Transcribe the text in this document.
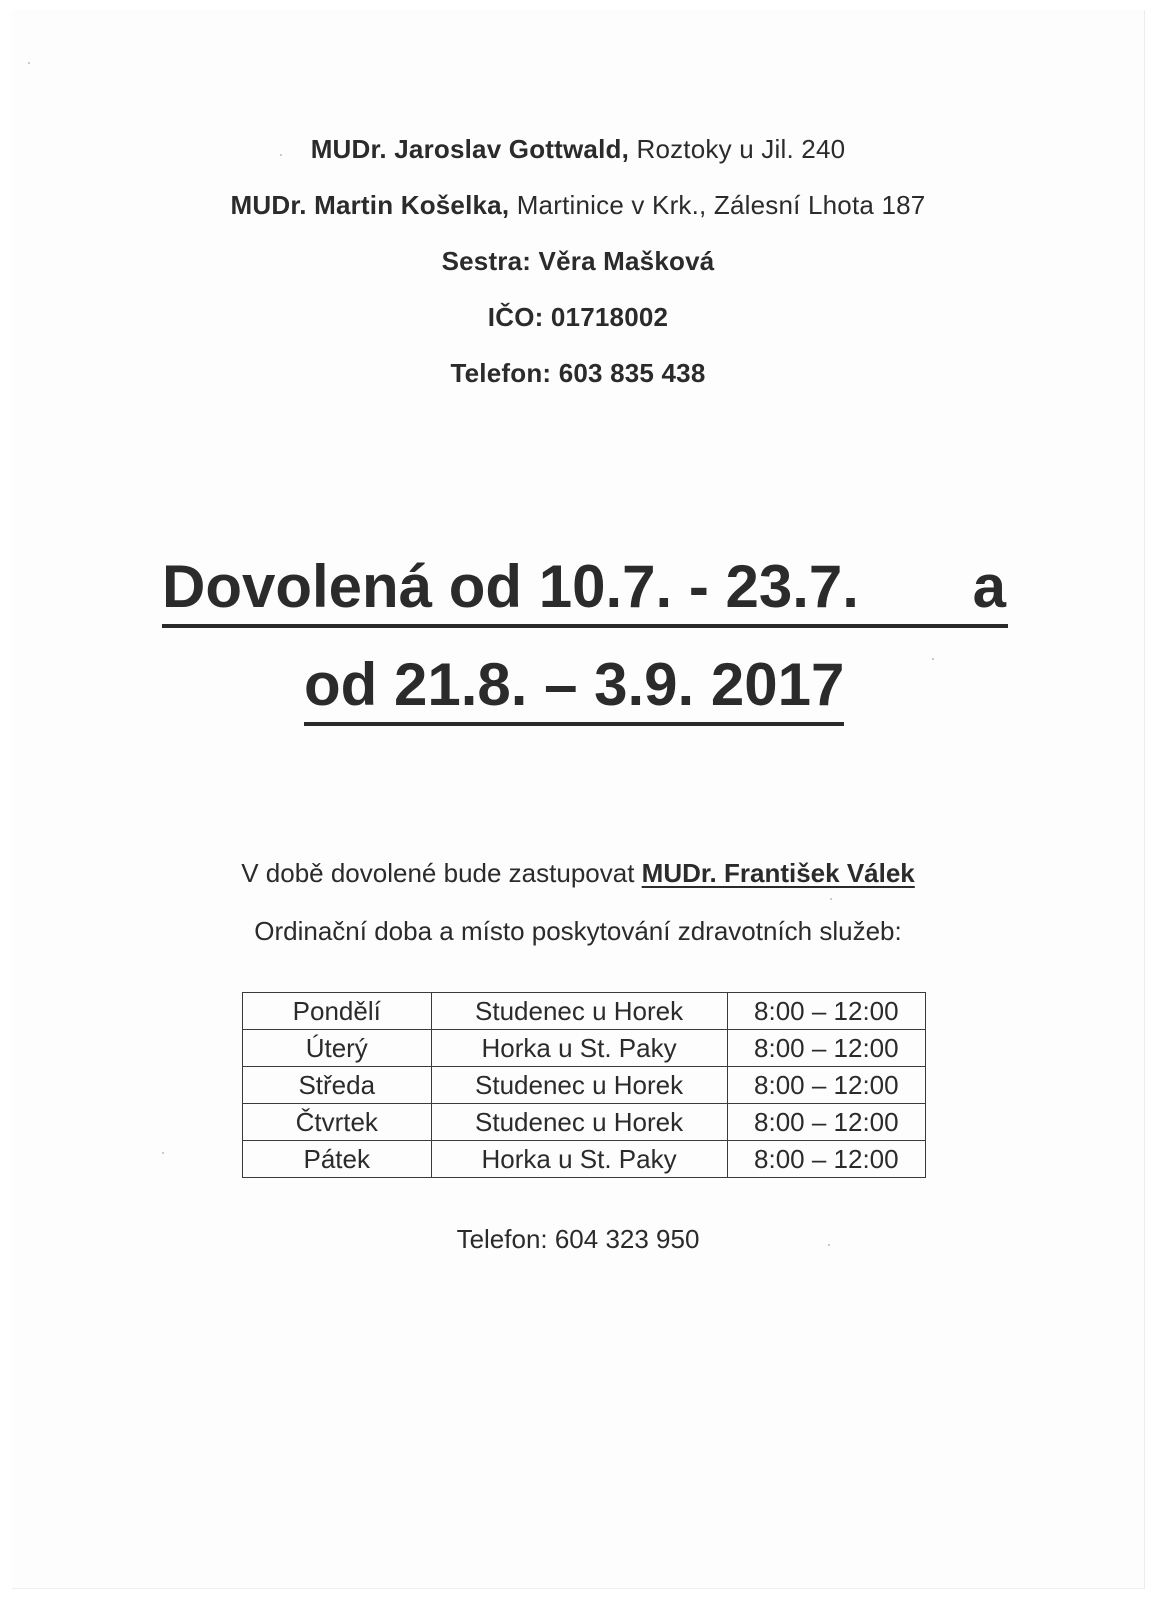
MUDr. Jaroslav Gottwald, Roztoky u Jil. 240
MUDr. Martin Košelka, Martinice v Krk., Zálesní Lhota 187
Sestra: Věra Mašková
IČO: 01718002
Telefon: 603 835 438
Dovolená od 10.7. - 23.7. a
od 21.8. – 3.9. 2017
V době dovolené bude zastupovat MUDr. František Válek
Ordinační doba a místo poskytování zdravotních služeb:
Pondělí	Studenec u Horek	8:00 – 12:00
Úterý	Horka u St. Paky	8:00 – 12:00
Středa	Studenec u Horek	8:00 – 12:00
Čtvrtek	Studenec u Horek	8:00 – 12:00
Pátek	Horka u St. Paky	8:00 – 12:00
Telefon: 604 323 950
